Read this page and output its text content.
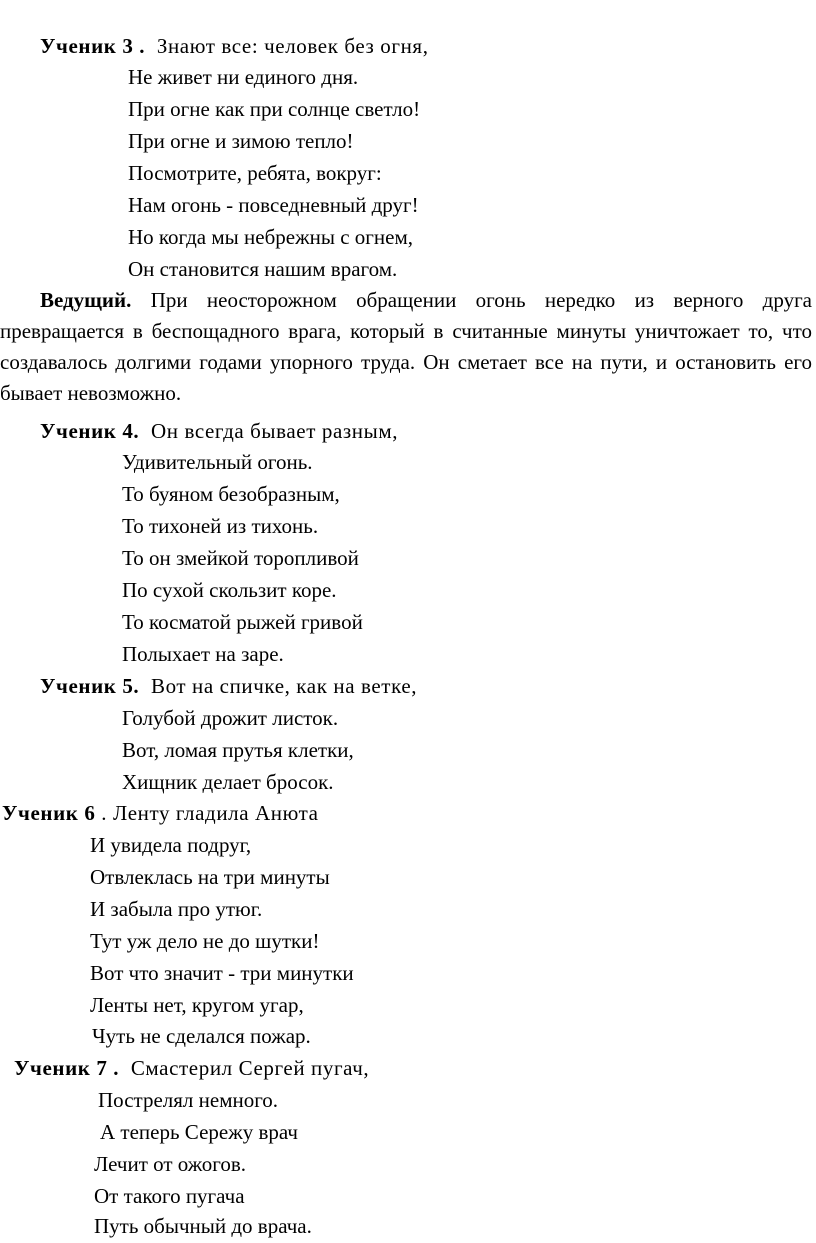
Ученик 3 . Знают все: человек без огня,
Не живет ни единого дня.
При огне как при солнце светло!
При огне и зимою тепло!
Посмотрите, ребята, вокруг:
Нам огонь - повседневный друг!
Но когда мы небрежны с огнем,
Он становится нашим врагом.
Ведущий. При неосторожном обращении огонь нередко из верного друга превращается в беспощадного врага, который в считанные минуты уничтожает то, что создавалось долгими годами упорного труда. Он сметает все на пути, и остановить его бывает невозможно.
Ученик 4. Он всегда бывает разным,
Удивительный огонь.
То буяном безобразным,
То тихоней из тихонь.
То он змейкой торопливой
По сухой скользит коре.
То косматой рыжей гривой
Полыхает на заре.
Ученик 5. Вот на спичке, как на ветке,
Голубой дрожит листок.
Вот, ломая прутья клетки,
Хищник делает бросок.
Ученик 6 . Ленту гладила Анюта
И увидела подруг,
Отвлеклась на три минуты
И забыла про утюг.
Тут уж дело не до шутки!
Вот что значит - три минутки
Ленты нет, кругом угар,
Чуть не сделался пожар.
Ученик 7 . Смастерил Сергей пугач,
Пострелял немного.
А теперь Сережу врач
Лечит от ожогов.
От такого пугача
Путь обычный до врача.
